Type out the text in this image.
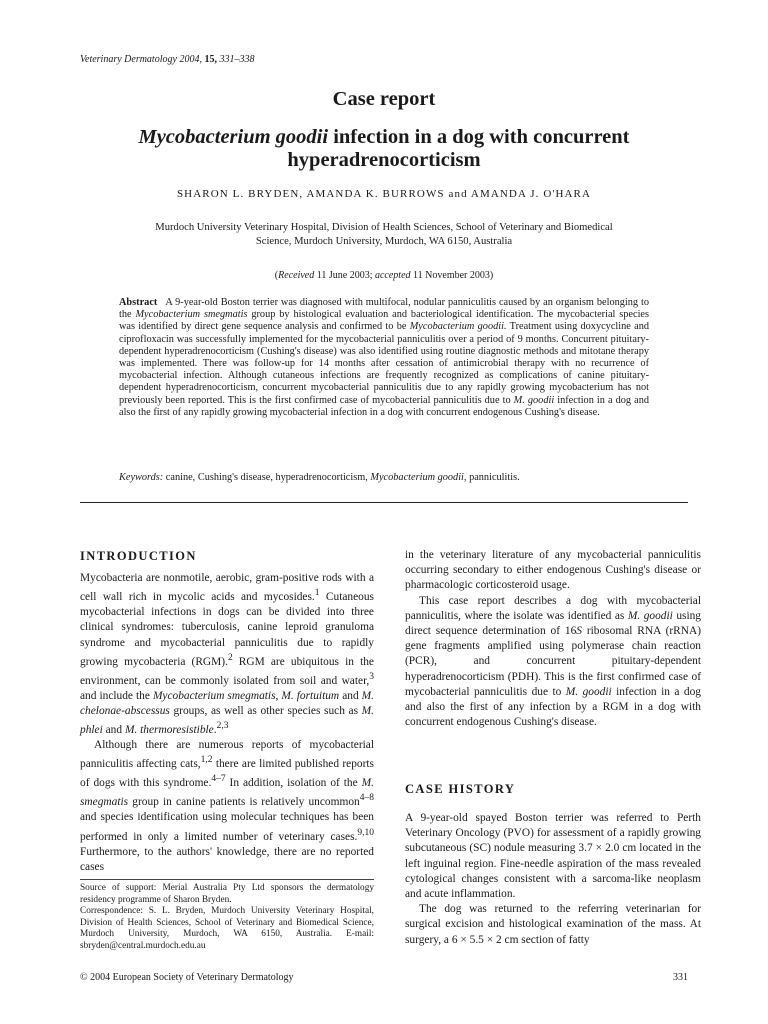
Veterinary Dermatology 2004, 15, 331–338
Case report
Mycobacterium goodii infection in a dog with concurrent
hyperadrenocorticism
SHARON L. BRYDEN, AMANDA K. BURROWS and AMANDA J. O'HARA
Murdoch University Veterinary Hospital, Division of Health Sciences, School of Veterinary and Biomedical
Science, Murdoch University, Murdoch, WA 6150, Australia
(Received 11 June 2003; accepted 11 November 2003)
Abstract A 9-year-old Boston terrier was diagnosed with multifocal, nodular panniculitis caused by an organism belonging to the Mycobacterium smegmatis group by histological evaluation and bacteriological identification. The mycobacterial species was identified by direct gene sequence analysis and confirmed to be Mycobacterium goodii. Treatment using doxycycline and ciprofloxacin was successfully implemented for the mycobacterial panniculitis over a period of 9 months. Concurrent pituitary-dependent hyperadrenocorticism (Cushing's disease) was also identified using routine diagnostic methods and mitotane therapy was implemented. There was follow-up for 14 months after cessation of antimicrobial therapy with no recurrence of mycobacterial infection. Although cutaneous infections are frequently recognized as complications of canine pituitary-dependent hyperadrenocorticism, concurrent mycobacterial panniculitis due to any rapidly growing mycobacterium has not previously been reported. This is the first confirmed case of mycobacterial panniculitis due to M. goodii infection in a dog and also the first of any rapidly growing mycobacterial infection in a dog with concurrent endogenous Cushing's disease.
Keywords: canine, Cushing's disease, hyperadrenocorticism, Mycobacterium goodii, panniculitis.
INTRODUCTION

Mycobacteria are nonmotile, aerobic, gram-positive rods with a cell wall rich in mycolic acids and mycosides.$^1$ Cutaneous mycobacterial infections in dogs can be divided into three clinical syndromes: tuberculosis, canine leproid granuloma syndrome and mycobacterial panniculitis due to rapidly growing mycobacteria (RGM).$^2$ RGM are ubiquitous in the environment, can be commonly isolated from soil and water,$^3$ and include the Mycobacterium smegmatis, M. fortuitum and M. chelonae-abscessus groups, as well as other species such as M. phlei and M. thermoresistible.$^{2,3}$

Although there are numerous reports of mycobacterial panniculitis affecting cats,$^{1,2}$ there are limited published reports of dogs with this syndrome.$^{4-7}$ In addition, isolation of the M. smegmatis group in canine patients is relatively uncommon$^{4-8}$ and species identification using molecular techniques has been performed in only a limited number of veterinary cases.$^{9,10}$ Furthermore, to the authors' knowledge, there are no reported cases

Source of support: Merial Australia Pty Ltd sponsors the dermatology residency programme of Sharon Bryden.

Correspondence: S. L. Bryden, Murdoch University Veterinary Hospital, Division of Health Sciences, School of Veterinary and Biomedical Science, Murdoch University, Murdoch, WA 6150, Australia. E-mail: sbryden@central.murdoch.edu.au

in the veterinary literature of any mycobacterial panniculitis occurring secondary to either endogenous Cushing's disease or pharmacologic corticosteroid usage.

This case report describes a dog with mycobacterial panniculitis, where the isolate was identified as M. goodii using direct sequence determination of 16S ribosomal RNA (rRNA) gene fragments amplified using polymerase chain reaction (PCR), and concurrent pituitary-dependent hyperadrenocorticism (PDH). This is the first confirmed case of mycobacterial panniculitis due to M. goodii infection in a dog and also the first of any infection by a RGM in a dog with concurrent endogenous Cushing's disease.

CASE HISTORY

A 9-year-old spayed Boston terrier was referred to Perth Veterinary Oncology (PVO) for assessment of a rapidly growing subcutaneous (SC) nodule measuring 3.7 × 2.0 cm located in the left inguinal region. Fine-needle aspiration of the mass revealed cytological changes consistent with a sarcoma-like neoplasm and acute inflammation.

The dog was returned to the referring veterinarian for surgical excision and histological examination of the mass. At surgery, a 6 × 5.5 × 2 cm section of fatty

© 2004 European Society of Veterinary Dermatology	331
